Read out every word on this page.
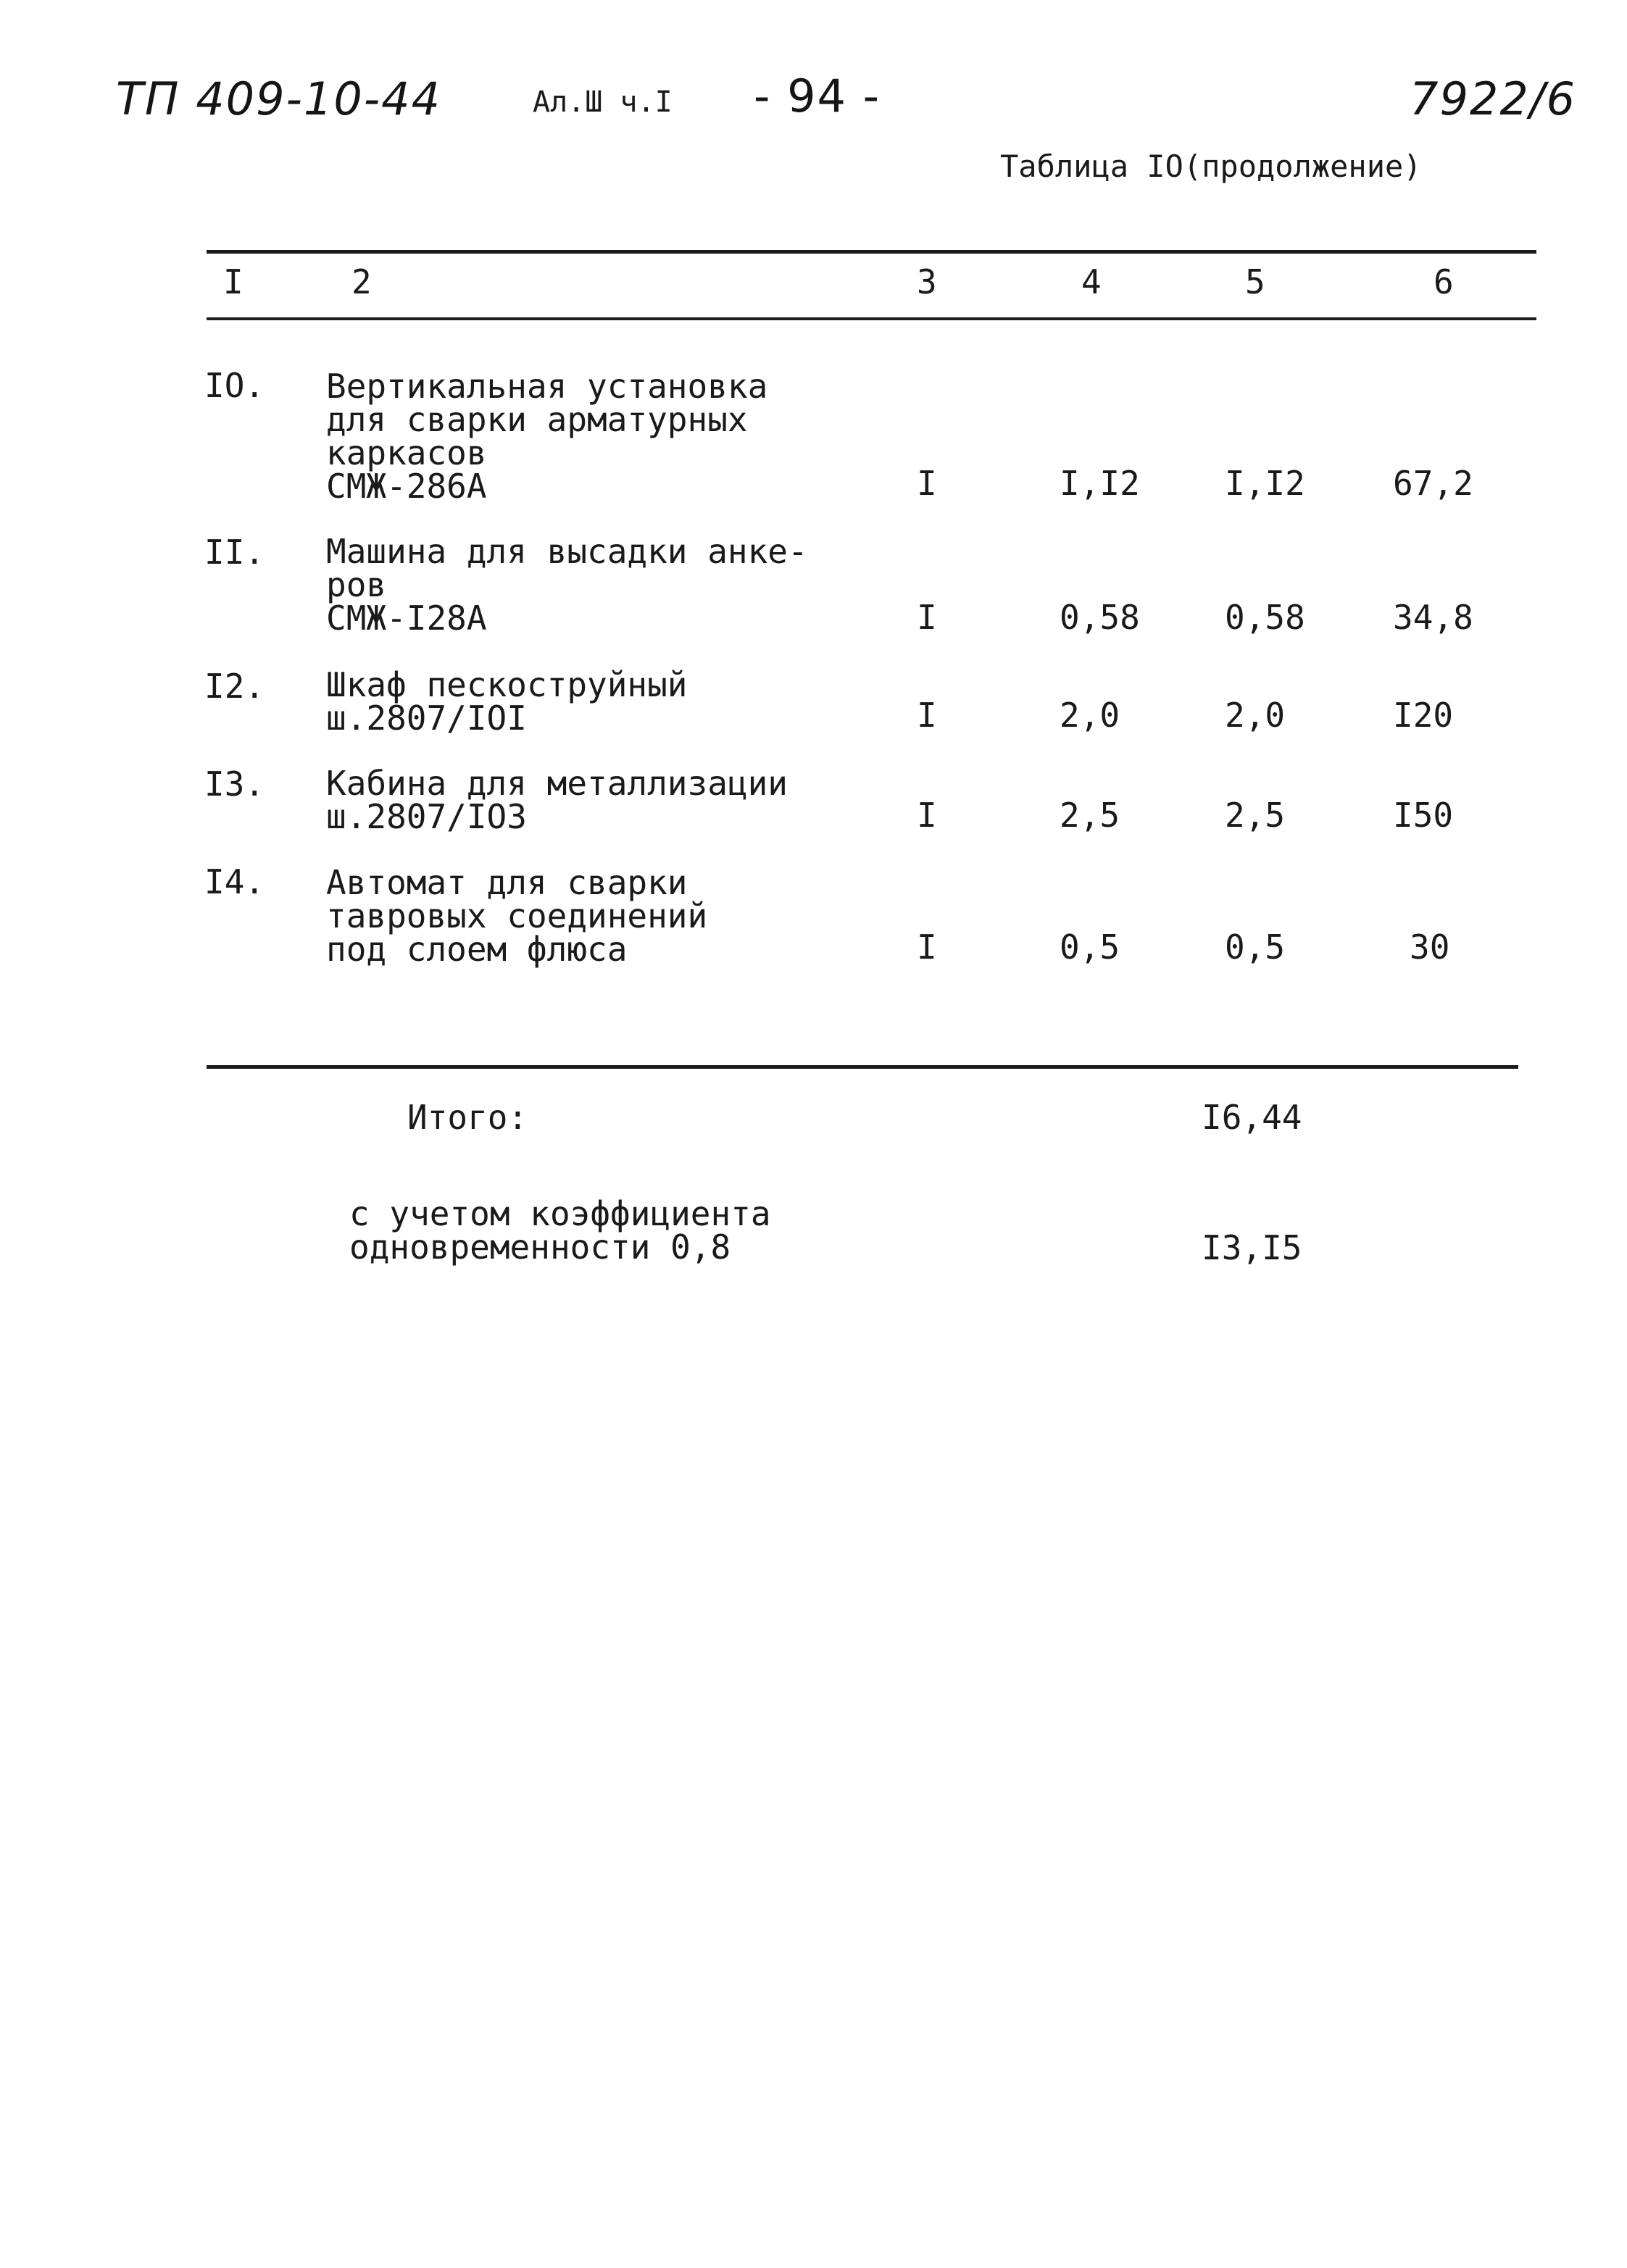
ТП 409-10-44	Ал.Ш ч.I - 94 -	7922/6
Таблица IO(продолжение)
I	2	3	4	5	6
IO. Вертикальная установка
для сварки арматурных
каркасов
СМЖ-286А	I	I,I2	I,I2	67,2
II. Машина для высадки анке-
ров
СМЖ-I28А	I	0,58	0,58	34,8
I2. Шкаф пескоструйный
ш.2807/IOI	I	2,0	2,0	I20
I3. Кабина для металлизации
ш.2807/IO3	I	2,5	2,5	I50
I4. Автомат для сварки
тавровых соединений
под слоем флюса	I	0,5	0,5	30
Итого:	I6,44
с учетом коэффициента
одновременности 0,8	I3,I5
